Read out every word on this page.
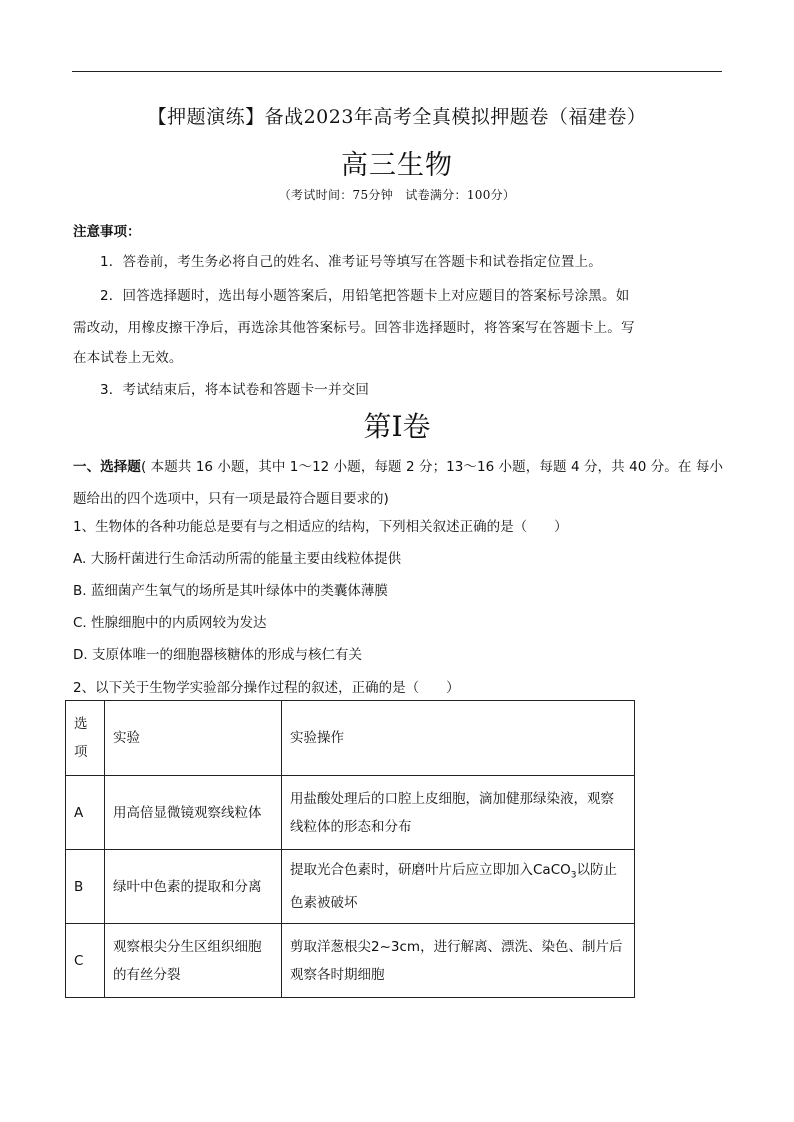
【押题演练】备战2023年高考全真模拟押题卷（福建卷）
高三生物
（考试时间：75分钟　试卷满分：100分）
注意事项：
1．答卷前，考生务必将自己的姓名、准考证号等填写在答题卡和试卷指定位置上。
2．回答选择题时，选出每小题答案后，用铅笔把答题卡上对应题目的答案标号涂黑。如
需改动，用橡皮擦干净后，再选涂其他答案标号。回答非选择题时，将答案写在答题卡上。写
在本试卷上无效。
3．考试结束后，将本试卷和答题卡一并交回
第I卷
一、选择题( 本题共 16 小题，其中 1～12 小题，每题 2 分；13～16 小题，每题 4 分，共 40 分。在 每小题给出的四个选项中，只有一项是最符合题目要求的)
1、生物体的各种功能总是要有与之相适应的结构，下列相关叙述正确的是（　　）
A. 大肠杆菌进行生命活动所需的能量主要由线粒体提供
B. 蓝细菌产生氧气的场所是其叶绿体中的类囊体薄膜
C. 性腺细胞中的内质网较为发达
D. 支原体唯一的细胞器核糖体的形成与核仁有关
2、以下关于生物学实验部分操作过程的叙述，正确的是（　　）
选项	实验	实验操作
A	用高倍显微镜观察线粒体	用盐酸处理后的口腔上皮细胞，滴加健那绿染液，观察线粒体的形态和分布
B	绿叶中色素的提取和分离	提取光合色素时，研磨叶片后应立即加入CaCO$_3$以防止色素被破坏
C	观察根尖分生区组织细胞的有丝分裂	剪取洋葱根尖2~3cm，进行解离、漂洗、染色、制片后观察各时期细胞
